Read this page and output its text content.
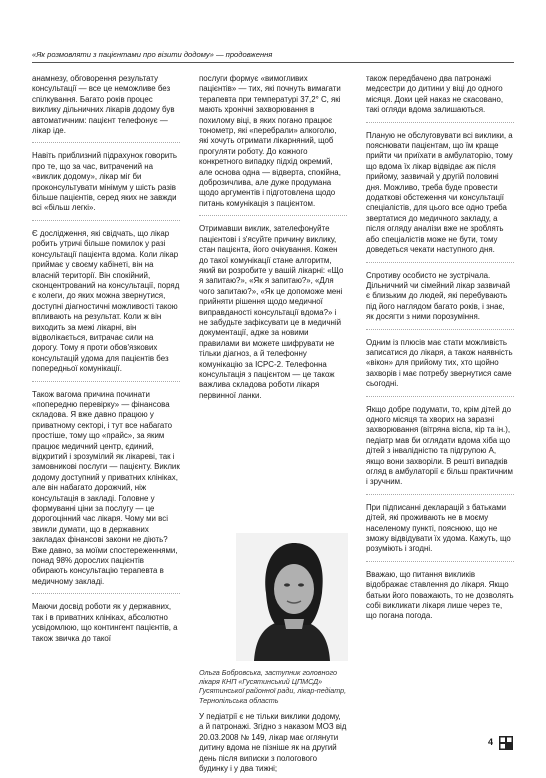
«Як розмовляти з пацієнтами про візити додому» — продовження

анамнезу, обговорення результату консультації — все це неможливе без спілкування. Багато років процес виклику дільничних лікарів додому був автоматичним: пацієнт телефонує — лікар іде.

Навіть приблизний підрахунок говорить про те, що за час, витрачений на «виклик додому», лікар міг би проконсультувати мінімум у шість разів більше пацієнтів, серед яких не завжди всі «більш легкі».

Є дослідження, які свідчать, що лікар робить утричі більше помилок у разі консультації пацієнта вдома. Коли лікар приймає у своєму кабінеті, він на власній території. Він спокійний, сконцентрований на консультації, поряд є колеги, до яких можна звернутися, доступні діагностичні можливості такою впливають на результат. Коли ж він виходить за межі лікарні, він відволікається, витрачає сили на дорогу. Тому я проти обов'язкових консультацій удома для пацієнтів без попередньої комунікації.

Також вагома причина починати «попередню перевірку» — фінансова складова. Я вже давно працюю у приватному секторі, і тут все набагато простіше, тому що «прайс», за яким працює медичний центр, єдиний, відкритий і зрозумілий як лікареві, так і замовникові послуги — пацієнту. Виклик додому доступний у приватних клініках, але він набагато дорожчий, ніж консультація в закладі. Головне у формуванні ціни за послугу — це дорогоцінний час лікаря. Чому ми всі звикли думати, що в державних закладах фінансові закони не діють? Вже давно, за моїми спостереженнями, понад 98% дорослих пацієнтів обирають консультацію терапевта в медичному закладі.

Маючи досвід роботи як у державних, так і в приватних клініках, абсолютно усвідомлюю, що контингент пацієнтів, а також звичка до такої

послуги формує «вимогливих пацієнтів» — тих, які почнуть вимагати терапевта при температурі 37,2° С, які мають хронічні захворювання в похилому віці, в яких погано працює тонометр, які «перебрали» алкоголю, які хочуть отримати лікарняний, щоб прогуляти роботу. До кожного конкретного випадку підхід окремий, але основа одна — відверта, спокійна, доброзичлива, але дуже продумана щодо аргументів і підготовлена щодо питань комунікація з пацієнтом.

Отримавши виклик, зателефонуйте пацієнтові і з'ясуйте причину виклику, стан пацієнта, його очікування. Кожен до такої комунікації стане алгоритм, який ви розробите у вашій лікарні: «Що я запитаю?», «Як я запитаю?», «Для чого запитаю?», «Як це допоможе мені прийняти рішення щодо медичної виправданості консультації вдома?» і не забудьте зафіксувати це в медичній документації, адже за новими правилами ви можете шифрувати не тільки діагноз, а й телефонну комунікацію за ICPC-2. Телефонна консультація з пацієнтом — це також важлива складова роботи лікаря первинної ланки.

Ольга Бобровська, заступник головного лікаря КНП «Гусятинський ЦПМСД» Гусятинської районної ради, лікар-педіатр, Тернопільська область
У педіатрії є не тільки виклики додому, а й патронажі. Згідно з наказом МОЗ від 20.03.2008 № 149, лікар має оглянути дитину вдома не пізніше як на другий день після виписки з пологового будинку і у два тижні;

також передбачено два патронажі медсестри до дитини у віці до одного місяця. Доки цей наказ не скасовано, такі огляди вдома залишаються.

Планую не обслуговувати всі виклики, а пояснювати пацієнтам, що їм краще прийти чи приїхати в амбулаторію, тому що вдома їх лікар відвідає аж після прийому, зазвичай у другій половині дня. Можливо, треба буде провести додаткові обстеження чи консультації спеціалістів, для цього все одно треба звертатися до медичного закладу, а після огляду аналізи вже не зроблять або спеціалістів може не бути, тому доведеться чекати наступного дня.

Спротиву особисто не зустрічала. Дільничний чи сімейний лікар зазвичай є близьким до людей, які перебувають під його наглядом багато років, і знає, як досягти з ними порозуміння.

Одним із плюсів має стати можливість записатися до лікаря, а також наявність «вікон» для прийому тих, хто щойно захворів і має потребу звернутися саме сьогодні.

Якщо добре подумати, то, крім дітей до одного місяця та хворих на заразні захворювання (вітряна віспа, кір та ін.), педіатр мав би оглядати вдома хіба що дітей з інвалідністю та підгрупою А, якщо вони захворіли. В решті випадків огляд в амбулаторії є більш практичним і зручним.

При підписанні декларацій з батьками дітей, які проживають не в моєму населеному пункті, пояснюю, що не зможу відвідувати їх удома. Кажуть, що розуміють і згодні.

Вважаю, що питання викликів відображає ставлення до лікаря. Якщо батьки його поважають, то не дозволять собі викликати лікаря лише через те, що погана погода.

4
